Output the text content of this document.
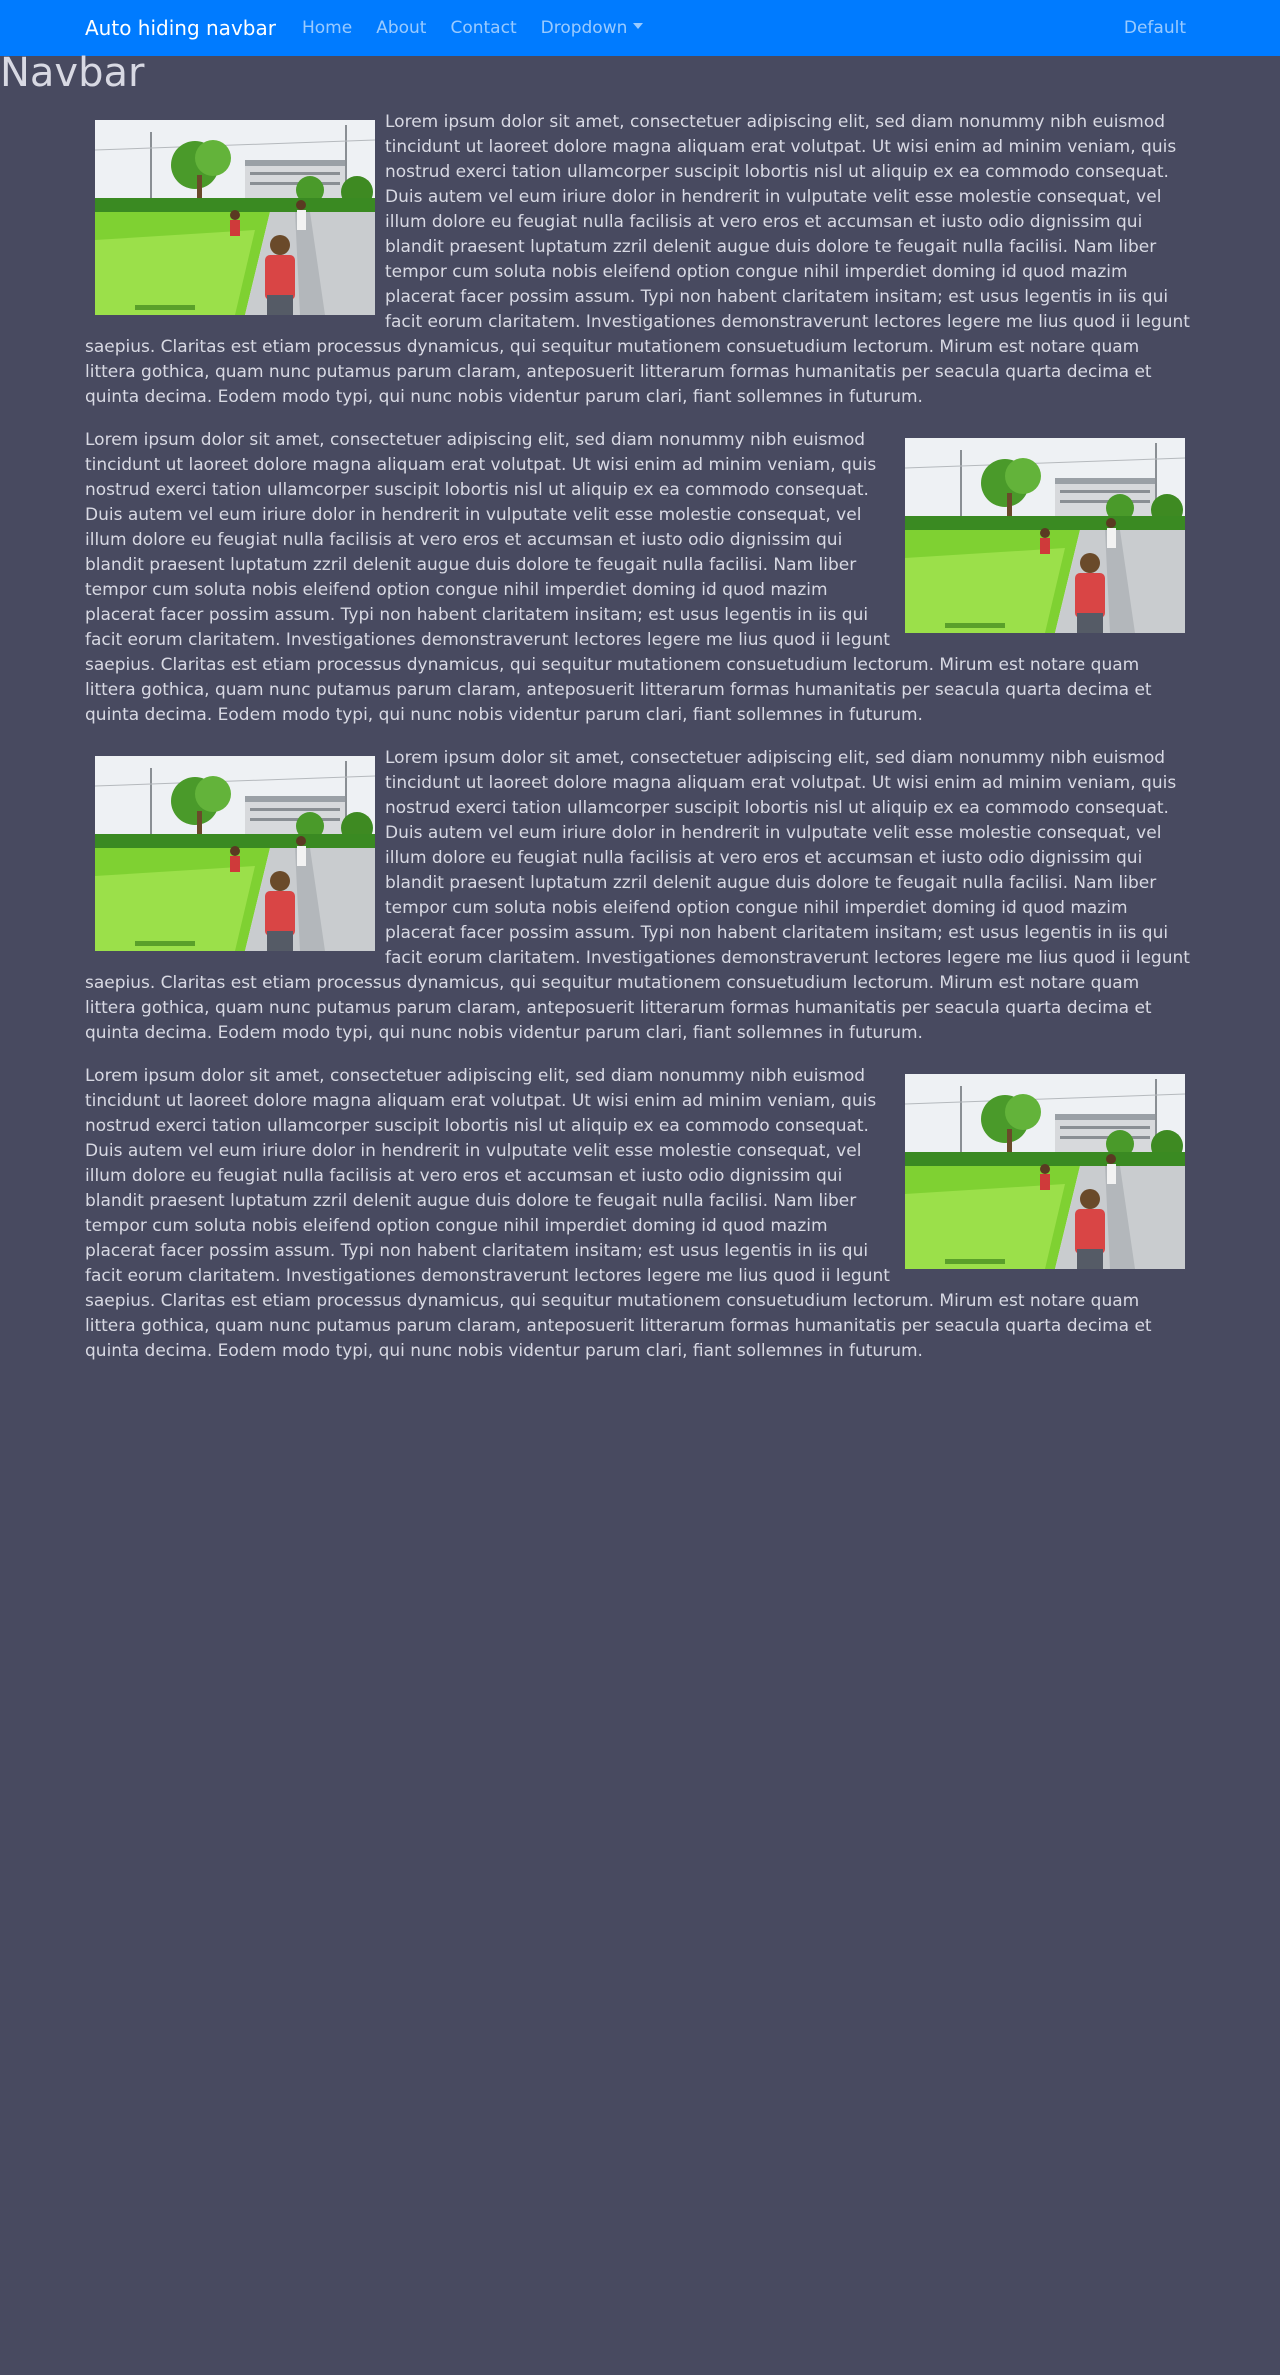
Auto hiding navbar Home About Contact Dropdown	Default
Navbar

Lorem ipsum dolor sit amet, consectetuer adipiscing elit, sed diam nonummy nibh euismod tincidunt ut laoreet dolore magna aliquam erat volutpat. Ut wisi enim ad minim veniam, quis nostrud exerci tation ullamcorper suscipit lobortis nisl ut aliquip ex ea commodo consequat. Duis autem vel eum iriure dolor in hendrerit in vulputate velit esse molestie consequat, vel illum dolore eu feugiat nulla facilisis at vero eros et accumsan et iusto odio dignissim qui blandit praesent luptatum zzril delenit augue duis dolore te feugait nulla facilisi. Nam liber tempor cum soluta nobis eleifend option congue nihil imperdiet doming id quod mazim placerat facer possim assum. Typi non habent claritatem insitam; est usus legentis in iis qui facit eorum claritatem. Investigationes demonstraverunt lectores legere me lius quod ii legunt saepius. Claritas est etiam processus dynamicus, qui sequitur mutationem consuetudium lectorum. Mirum est notare quam littera gothica, quam nunc putamus parum claram, anteposuerit litterarum formas humanitatis per seacula quarta decima et quinta decima. Eodem modo typi, qui nunc nobis videntur parum clari, fiant sollemnes in futurum.

Lorem ipsum dolor sit amet, consectetuer adipiscing elit, sed diam nonummy nibh euismod tincidunt ut laoreet dolore magna aliquam erat volutpat. Ut wisi enim ad minim veniam, quis nostrud exerci tation ullamcorper suscipit lobortis nisl ut aliquip ex ea commodo consequat. Duis autem vel eum iriure dolor in hendrerit in vulputate velit esse molestie consequat, vel illum dolore eu feugiat nulla facilisis at vero eros et accumsan et iusto odio dignissim qui blandit praesent luptatum zzril delenit augue duis dolore te feugait nulla facilisi. Nam liber tempor cum soluta nobis eleifend option congue nihil imperdiet doming id quod mazim placerat facer possim assum. Typi non habent claritatem insitam; est usus legentis in iis qui facit eorum claritatem. Investigationes demonstraverunt lectores legere me lius quod ii legunt saepius. Claritas est etiam processus dynamicus, qui sequitur mutationem consuetudium lectorum. Mirum est notare quam littera gothica, quam nunc putamus parum claram, anteposuerit litterarum formas humanitatis per seacula quarta decima et quinta decima. Eodem modo typi, qui nunc nobis videntur parum clari, fiant sollemnes in futurum.

Lorem ipsum dolor sit amet, consectetuer adipiscing elit, sed diam nonummy nibh euismod tincidunt ut laoreet dolore magna aliquam erat volutpat. Ut wisi enim ad minim veniam, quis nostrud exerci tation ullamcorper suscipit lobortis nisl ut aliquip ex ea commodo consequat. Duis autem vel eum iriure dolor in hendrerit in vulputate velit esse molestie consequat, vel illum dolore eu feugiat nulla facilisis at vero eros et accumsan et iusto odio dignissim qui blandit praesent luptatum zzril delenit augue duis dolore te feugait nulla facilisi. Nam liber tempor cum soluta nobis eleifend option congue nihil imperdiet doming id quod mazim placerat facer possim assum. Typi non habent claritatem insitam; est usus legentis in iis qui facit eorum claritatem. Investigationes demonstraverunt lectores legere me lius quod ii legunt saepius. Claritas est etiam processus dynamicus, qui sequitur mutationem consuetudium lectorum. Mirum est notare quam littera gothica, quam nunc putamus parum claram, anteposuerit litterarum formas humanitatis per seacula quarta decima et quinta decima. Eodem modo typi, qui nunc nobis videntur parum clari, fiant sollemnes in futurum.

Lorem ipsum dolor sit amet, consectetuer adipiscing elit, sed diam nonummy nibh euismod tincidunt ut laoreet dolore magna aliquam erat volutpat. Ut wisi enim ad minim veniam, quis nostrud exerci tation ullamcorper suscipit lobortis nisl ut aliquip ex ea commodo consequat. Duis autem vel eum iriure dolor in hendrerit in vulputate velit esse molestie consequat, vel illum dolore eu feugiat nulla facilisis at vero eros et accumsan et iusto odio dignissim qui blandit praesent luptatum zzril delenit augue duis dolore te feugait nulla facilisi. Nam liber tempor cum soluta nobis eleifend option congue nihil imperdiet doming id quod mazim placerat facer possim assum. Typi non habent claritatem insitam; est usus legentis in iis qui facit eorum claritatem. Investigationes demonstraverunt lectores legere me lius quod ii legunt saepius. Claritas est etiam processus dynamicus, qui sequitur mutationem consuetudium lectorum. Mirum est notare quam littera gothica, quam nunc putamus parum claram, anteposuerit litterarum formas humanitatis per seacula quarta decima et quinta decima. Eodem modo typi, qui nunc nobis videntur parum clari, fiant sollemnes in futurum.
